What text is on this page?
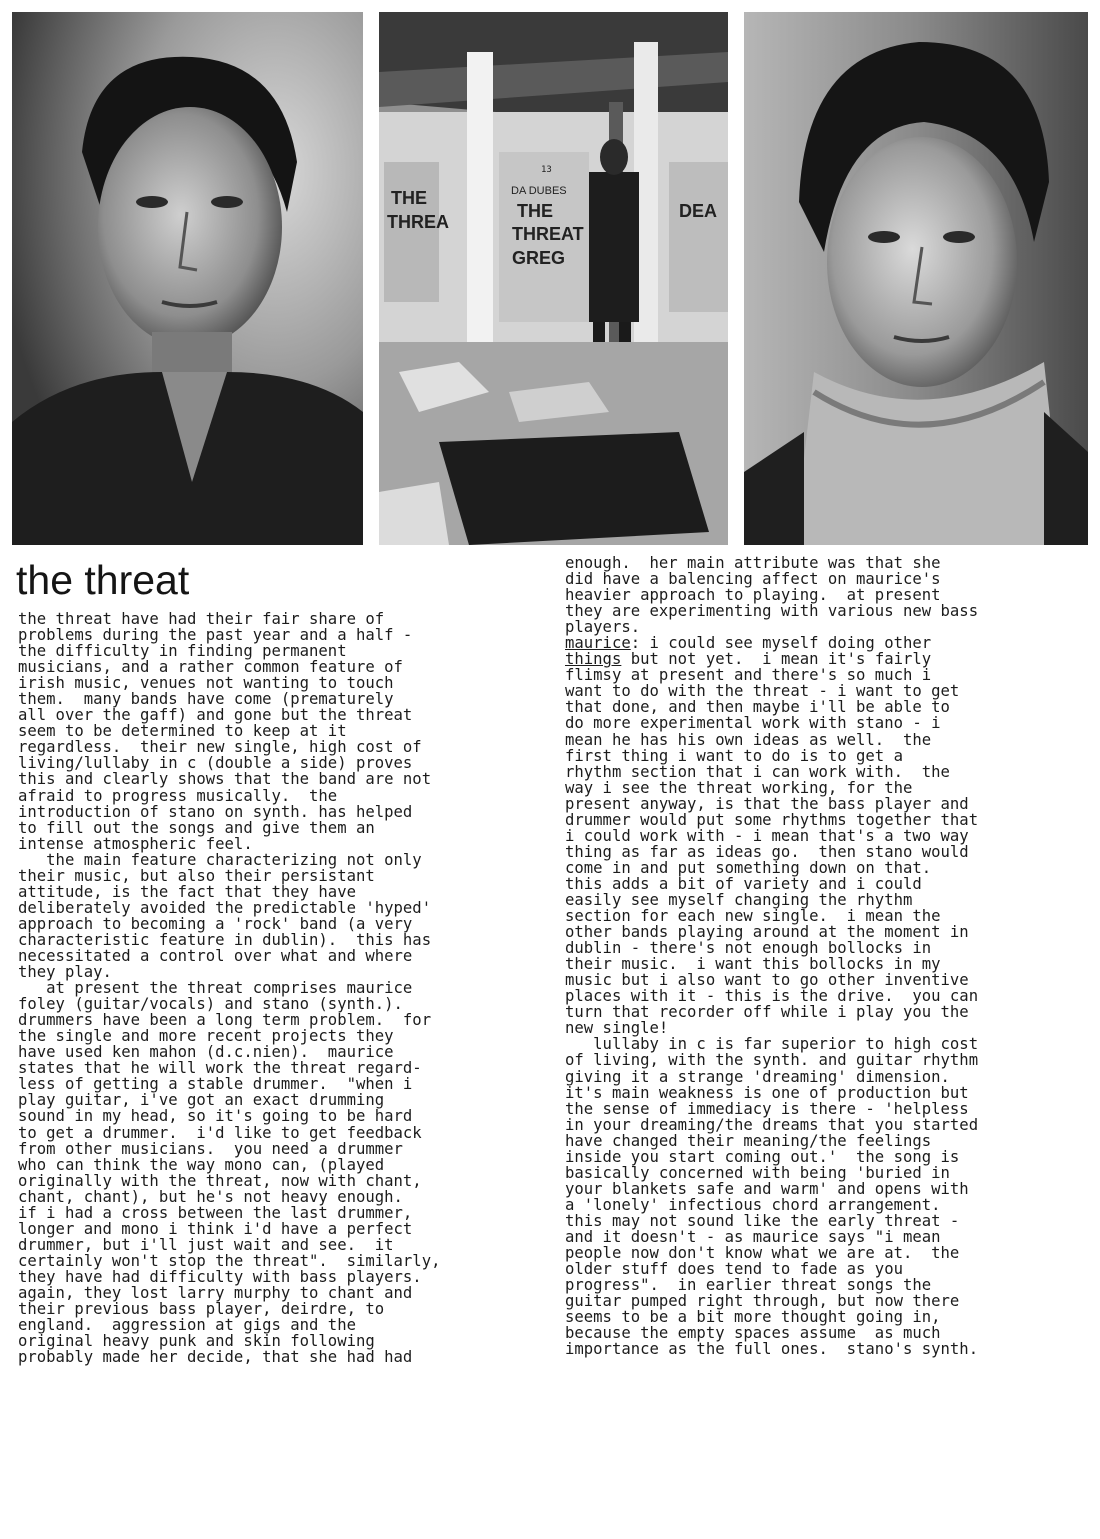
13
DA DUBES
THE
THREAT
GREG
THE
THREA
DEA
the threat
the threat have had their fair share of
problems during the past year and a half -
the difficulty in finding permanent
musicians, and a rather common feature of
irish music, venues not wanting to touch
them.  many bands have come (prematurely
all over the gaff) and gone but the threat
seem to be determined to keep at it
regardless.  their new single, high cost of
living/lullaby in c (double a side) proves
this and clearly shows that the band are not
afraid to progress musically.  the
introduction of stano on synth. has helped
to fill out the songs and give them an
intense atmospheric feel.
the main feature characterizing not only
their music, but also their persistant
attitude, is the fact that they have
deliberately avoided the predictable 'hyped'
approach to becoming a 'rock' band (a very
characteristic feature in dublin).  this has
necessitated a control over what and where
they play.
at present the threat comprises maurice
foley (guitar/vocals) and stano (synth.).
drummers have been a long term problem.  for
the single and more recent projects they
have used ken mahon (d.c.nien).  maurice
states that he will work the threat regard-
less of getting a stable drummer.  "when i
play guitar, i've got an exact drumming
sound in my head, so it's going to be hard
to get a drummer.  i'd like to get feedback
from other musicians.  you need a drummer
who can think the way mono can, (played
originally with the threat, now with chant,
chant, chant), but he's not heavy enough.
if i had a cross between the last drummer,
longer and mono i think i'd have a perfect
drummer, but i'll just wait and see.  it
certainly won't stop the threat".  similarly,
they have had difficulty with bass players.
again, they lost larry murphy to chant and
their previous bass player, deirdre, to
england.  aggression at gigs and the
original heavy punk and skin following
probably made her decide, that she had had
enough.  her main attribute was that she
did have a balencing affect on maurice's
heavier approach to playing.  at present
they are experimenting with various new bass
players.
maurice: i could see myself doing other
things but not yet.  i mean it's fairly
flimsy at present and there's so much i
want to do with the threat - i want to get
that done, and then maybe i'll be able to
do more experimental work with stano - i
mean he has his own ideas as well.  the
first thing i want to do is to get a
rhythm section that i can work with.  the
way i see the threat working, for the
present anyway, is that the bass player and
drummer would put some rhythms together that
i could work with - i mean that's a two way
thing as far as ideas go.  then stano would
come in and put something down on that.
this adds a bit of variety and i could
easily see myself changing the rhythm
section for each new single.  i mean the
other bands playing around at the moment in
dublin - there's not enough bollocks in
their music.  i want this bollocks in my
music but i also want to go other inventive
places with it - this is the drive.  you can
turn that recorder off while i play you the
new single!
lullaby in c is far superior to high cost
of living, with the synth. and guitar rhythm
giving it a strange 'dreaming' dimension.
it's main weakness is one of production but
the sense of immediacy is there - 'helpless
in your dreaming/the dreams that you started
have changed their meaning/the feelings
inside you start coming out.'  the song is
basically concerned with being 'buried in
your blankets safe and warm' and opens with
a 'lonely' infectious chord arrangement.
this may not sound like the early threat -
and it doesn't - as maurice says "i mean
people now don't know what we are at.  the
older stuff does tend to fade as you
progress".  in earlier threat songs the
guitar pumped right through, but now there
seems to be a bit more thought going in,
because the empty spaces assume  as much
importance as the full ones.  stano's synth.
